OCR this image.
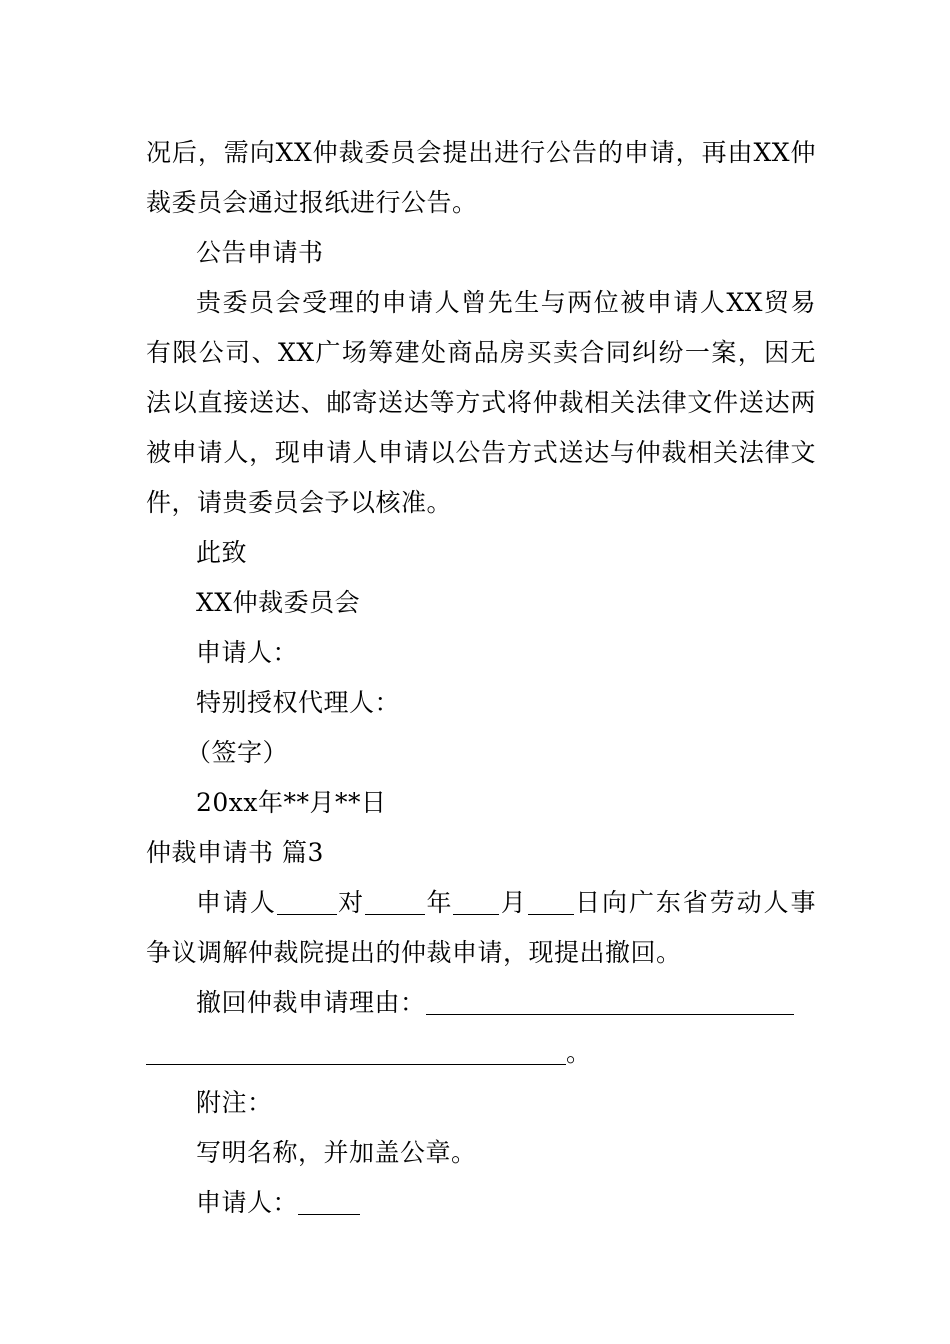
况后，需向XX仲裁委员会提出进行公告的申请，再由XX仲裁委员会通过报纸进行公告。

公告申请书

贵委员会受理的申请人曾先生与两位被申请人XX贸易有限公司、XX广场筹建处商品房买卖合同纠纷一案，因无法以直接送达、邮寄送达等方式将仲裁相关法律文件送达两被申请人，现申请人申请以公告方式送达与仲裁相关法律文件，请贵委员会予以核准。

此致

XX仲裁委员会

申请人：

特别授权代理人：

（签字）

20xx年**月**日

仲裁申请书 篇3

申请人 对 年 月 日向广东省劳动人事争议调解仲裁院提出的仲裁申请，现提出撤回。

撤回仲裁申请理由：

。

附注：

写明名称，并加盖公章。

申请人：
